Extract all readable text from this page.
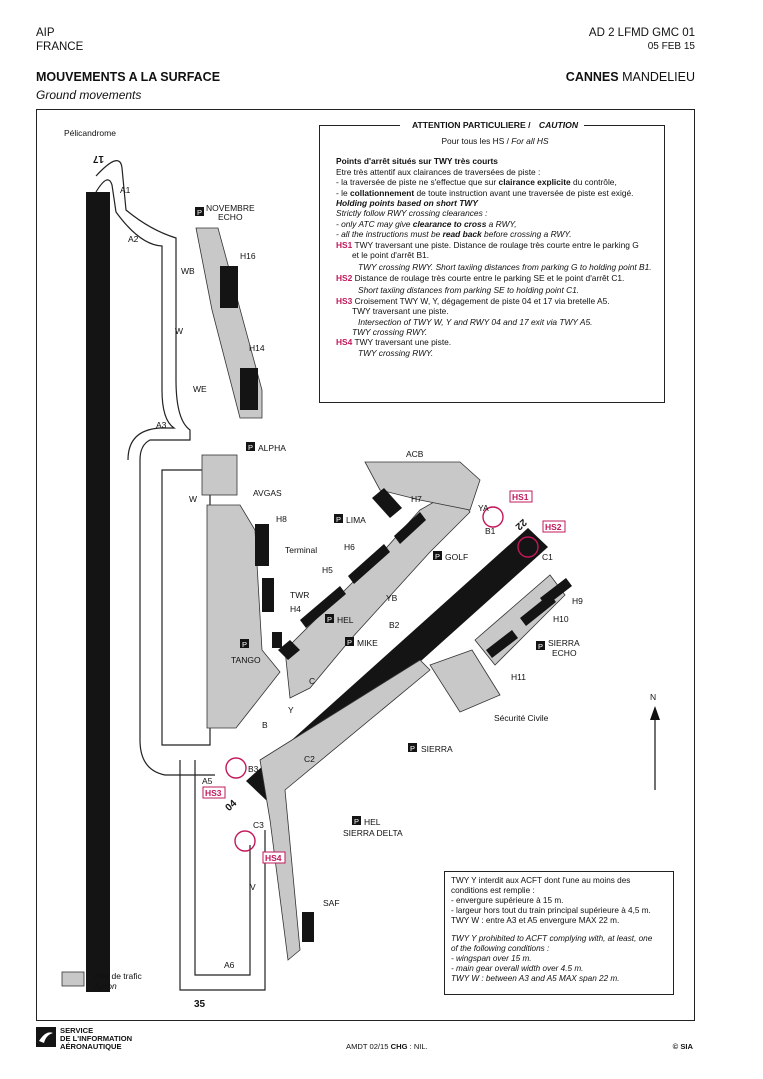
AIP
FRANCE
AD 2 LFMD GMC 01
05 FEB 15
MOUVEMENTS A LA SURFACE
Ground movements
CANNES MANDELIEU
Pélicandrome
17
35
04
22
A1
A2
A3
A5
A6
WB
WE
W
W
V
B
C
YA
YB
Y
B1
B2
B3
C1
C2
C3
H4
H5
H6
H7
H8
H9
H10
H11
H14
H16
NOVEMBRE
ECHO
ALPHA
AVGAS
Terminal
TWR
LIMA
ACB
GOLF
HEL
MIKE
TANGO
SIERRA
SIERRA
ECHO
Sécurité Civile
HEL
SIERRA DELTA
SAF
N
P
P
P
P
P
P
P
P
P
P
HS1
HS2
HS3
HS4
Aire de trafic
Apron
ATTENTION PARTICULIERE / CAUTION
Pour tous les HS / For all HS

Points d'arrêt situés sur TWY très courts

Etre très attentif aux clairances de traversées de piste :

- la traversée de piste ne s'effectue que sur clairance explicite du contrôle,

- le collationnement de toute instruction avant une traversée de piste est exigé.

Holding points based on short TWY

Strictly follow RWY crossing clearances :

- only ATC may give clearance to cross a RWY,

- all the instructions must be read back before crossing a RWY.

HS1 TWY traversant une piste. Distance de roulage très courte entre le parking G

et le point d'arrêt B1.

TWY crossing RWY. Short taxiing distances from parking G to holding point B1.

HS2 Distance de roulage très courte entre le parking SE et le point d'arrêt C1.

Short taxiing distances from parking SE to holding point C1.

HS3 Croisement TWY W, Y, dégagement de piste 04 et 17 via bretelle A5.

TWY traversant une piste.

Intersection of TWY W, Y and RWY 04 and 17 exit via TWY A5.

TWY crossing RWY.

HS4 TWY traversant une piste.

TWY crossing RWY.

TWY Y interdit aux ACFT dont l'une au moins des

conditions est remplie :

- envergure supérieure à 15 m.

- largeur hors tout du train principal supérieure à 4,5 m.

TWY W : entre A3 et A5 envergure MAX 22 m.

TWY Y prohibited to ACFT complying with, at least, one

of the following conditions :

- wingspan over 15 m.

- main gear overall width over 4.5 m.

TWY W : between A3 and A5 MAX span 22 m.

SERVICE
DE L'INFORMATION
AÉRONAUTIQUE	AMDT 02/15 CHG : NIL.	© SIA
